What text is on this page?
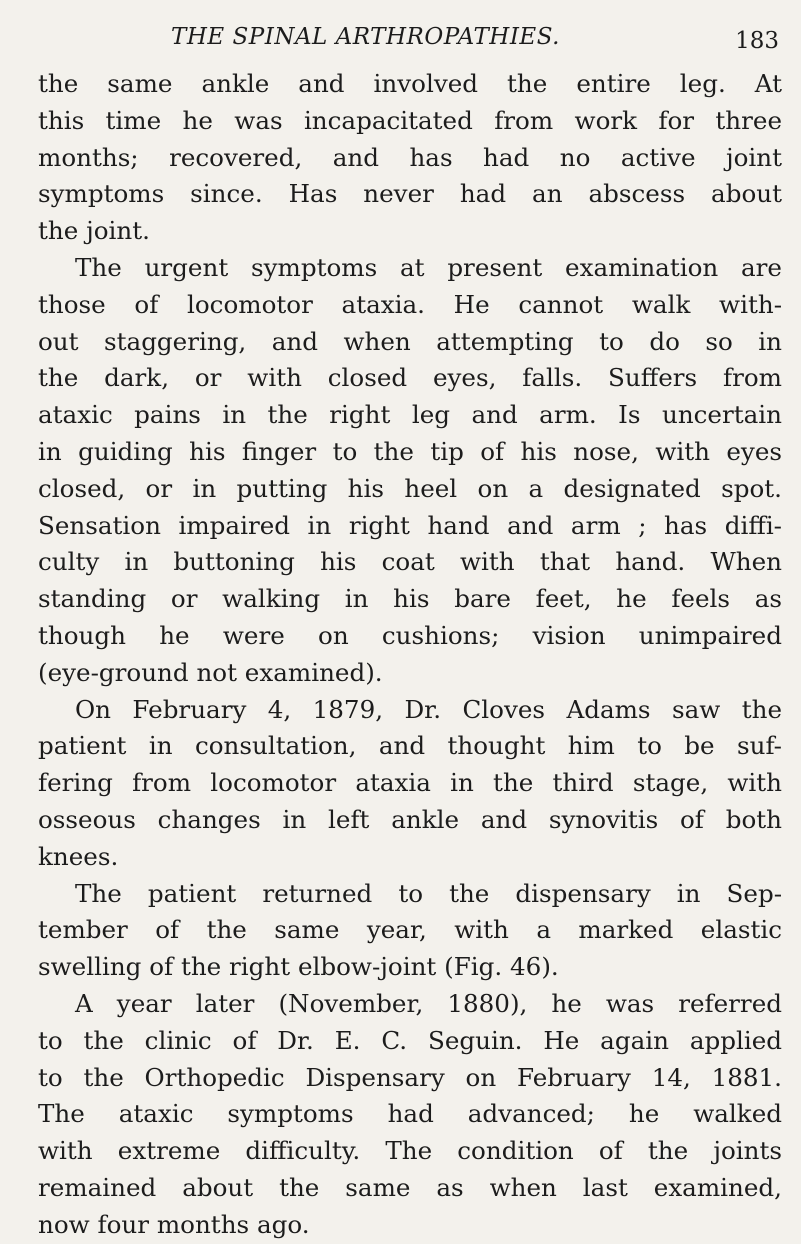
THE SPINAL ARTHROPATHIES.	183
the same ankle and involved the entire leg. At
this time he was incapacitated from work for three
months; recovered, and has had no active joint
symptoms since. Has never had an abscess about
the joint.
The urgent symptoms at present examination are
those of locomotor ataxia. He cannot walk with-
out staggering, and when attempting to do so in
the dark, or with closed eyes, falls. Suffers from
ataxic pains in the right leg and arm. Is uncertain
in guiding his finger to the tip of his nose, with eyes
closed, or in putting his heel on a designated spot.
Sensation impaired in right hand and arm ; has diffi-
culty in buttoning his coat with that hand. When
standing or walking in his bare feet, he feels as
though he were on cushions; vision unimpaired
(eye-ground not examined).
On February 4, 1879, Dr. Cloves Adams saw the
patient in consultation, and thought him to be suf-
fering from locomotor ataxia in the third stage, with
osseous changes in left ankle and synovitis of both
knees.
The patient returned to the dispensary in Sep-
tember of the same year, with a marked elastic
swelling of the right elbow-joint (Fig. 46).
A year later (November, 1880), he was referred
to the clinic of Dr. E. C. Seguin. He again applied
to the Orthopedic Dispensary on February 14, 1881.
The ataxic symptoms had advanced; he walked
with extreme difficulty. The condition of the joints
remained about the same as when last examined,
now four months ago.
